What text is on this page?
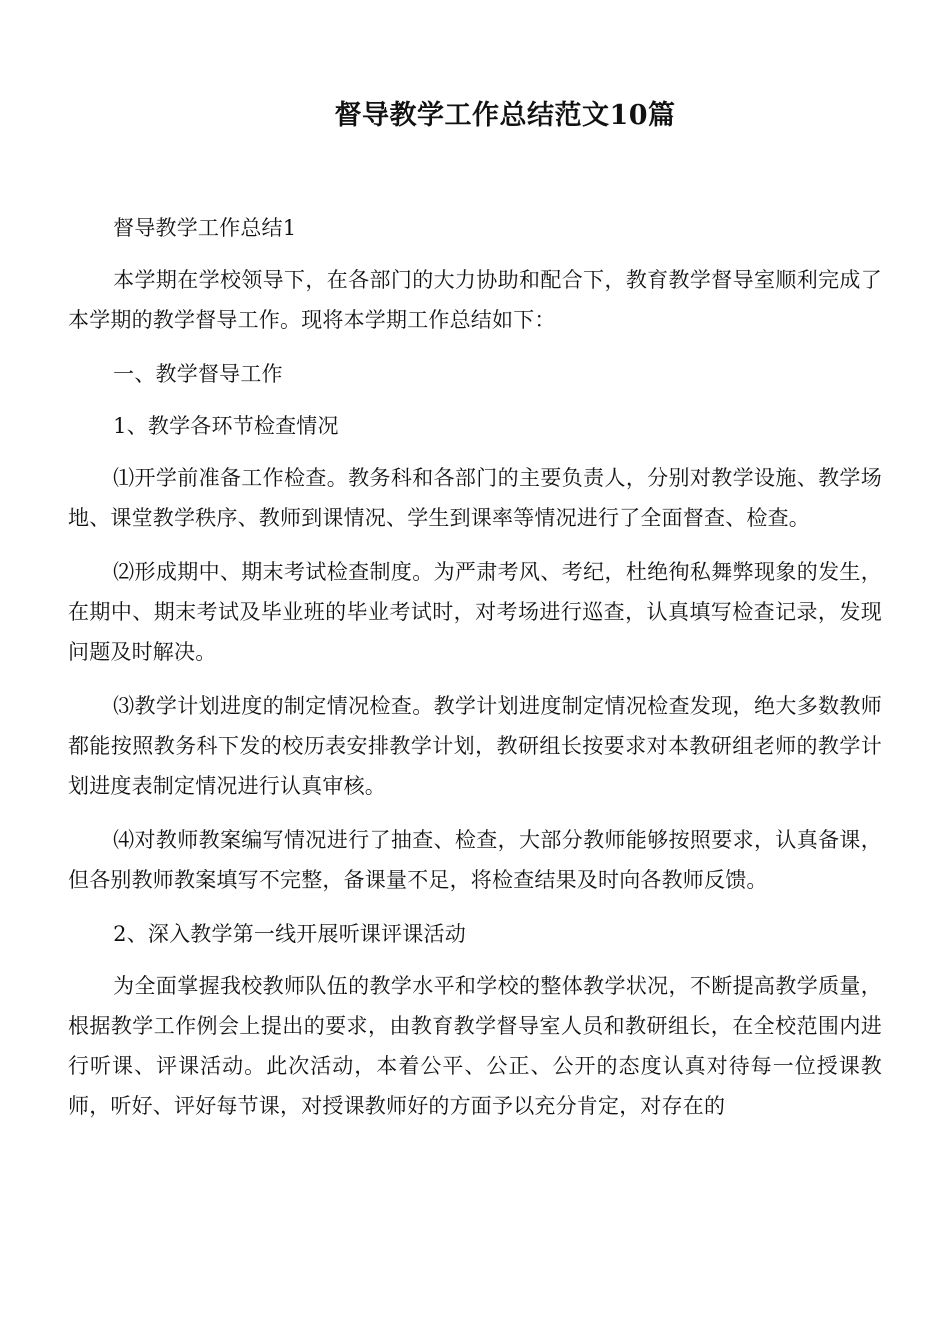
督导教学工作总结范文10篇

督导教学工作总结1

本学期在学校领导下，在各部门的大力协助和配合下，教育教学督导室顺利完成了本学期的教学督导工作。现将本学期工作总结如下：

一、教学督导工作

1、教学各环节检查情况

⑴开学前准备工作检查。教务科和各部门的主要负责人，分别对教学设施、教学场地、课堂教学秩序、教师到课情况、学生到课率等情况进行了全面督查、检查。

⑵形成期中、期末考试检查制度。为严肃考风、考纪，杜绝徇私舞弊现象的发生，在期中、期末考试及毕业班的毕业考试时，对考场进行巡查，认真填写检查记录，发现问题及时解决。

⑶教学计划进度的制定情况检查。教学计划进度制定情况检查发现，绝大多数教师都能按照教务科下发的校历表安排教学计划，教研组长按要求对本教研组老师的教学计划进度表制定情况进行认真审核。

⑷对教师教案编写情况进行了抽查、检查，大部分教师能够按照要求，认真备课，但各别教师教案填写不完整，备课量不足，将检查结果及时向各教师反馈。

2、深入教学第一线开展听课评课活动

为全面掌握我校教师队伍的教学水平和学校的整体教学状况，不断提高教学质量，根据教学工作例会上提出的要求，由教育教学督导室人员和教研组长，在全校范围内进行听课、评课活动。此次活动，本着公平、公正、公开的态度认真对待每一位授课教师，听好、评好每节课，对授课教师好的方面予以充分肯定，对存在的
